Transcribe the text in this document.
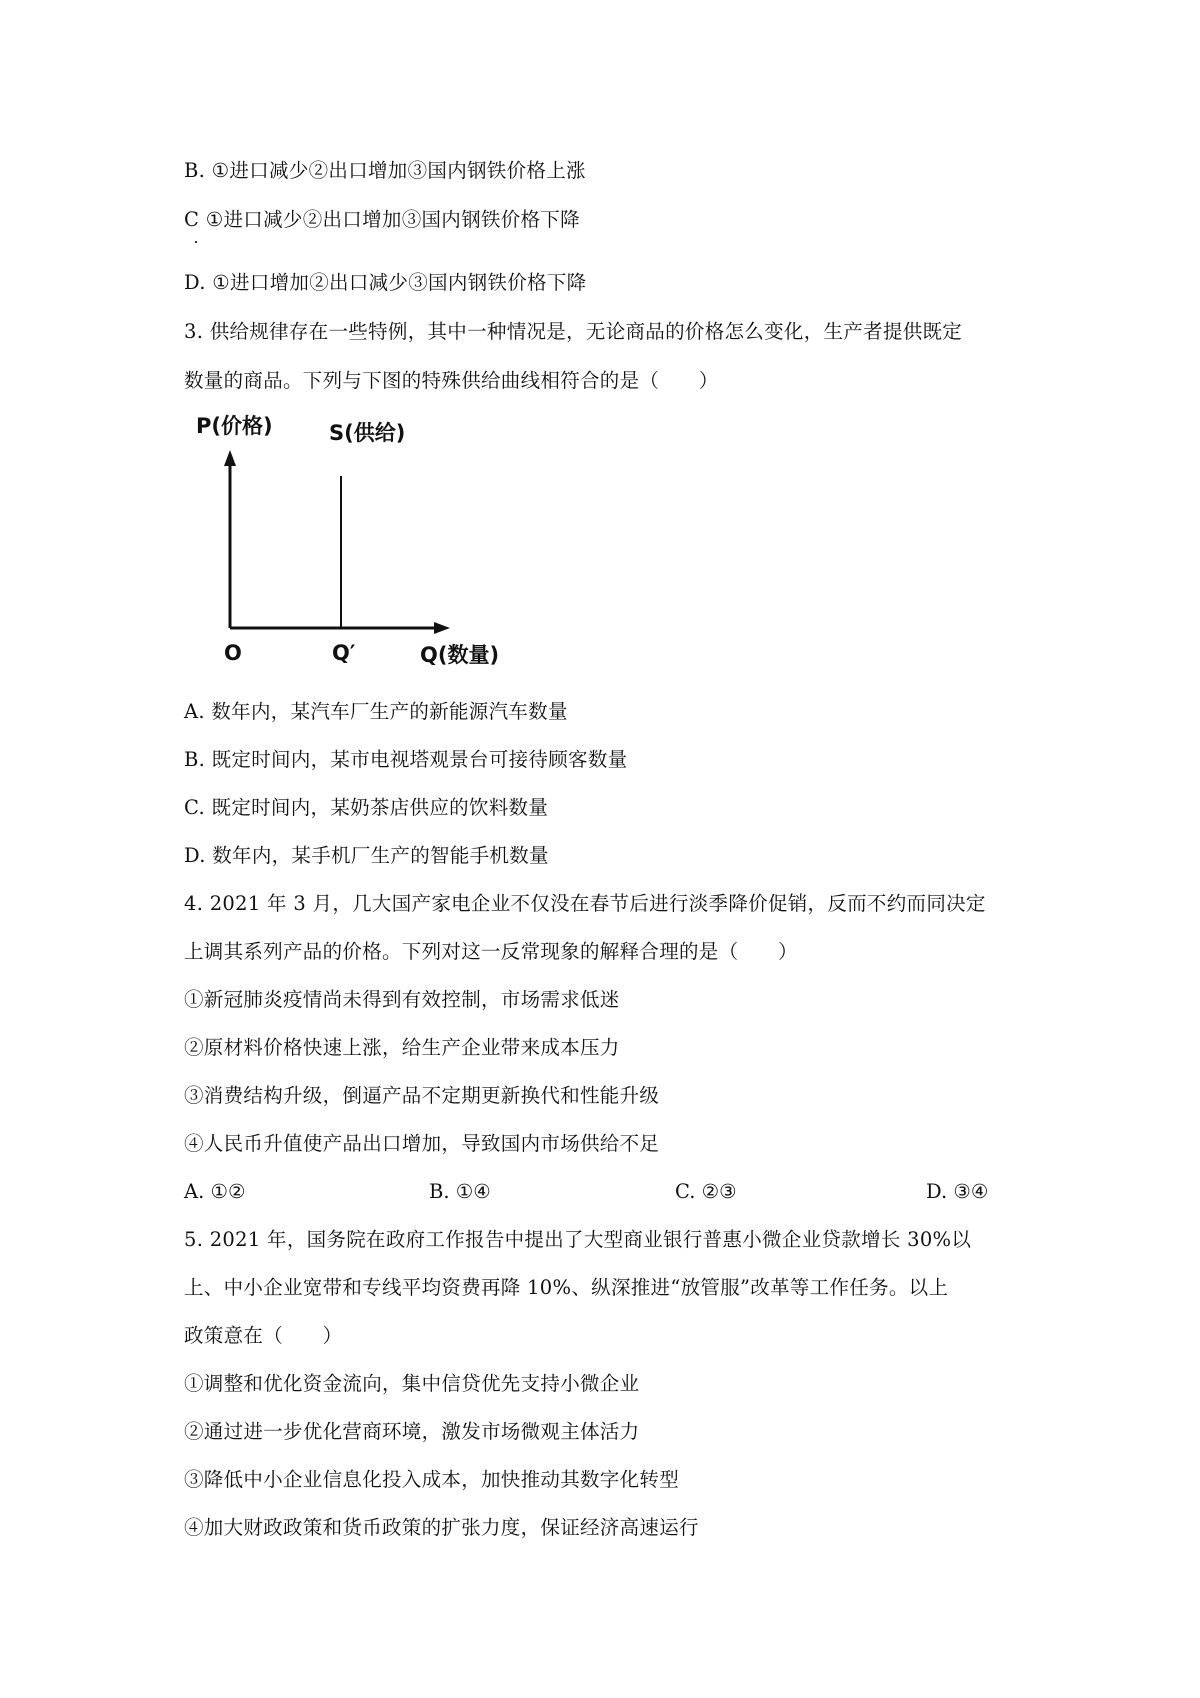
B. ①进口减少②出口增加③国内钢铁价格上涨
C ①进口减少②出口增加③国内钢铁价格下降
D. ①进口增加②出口减少③国内钢铁价格下降
3. 供给规律存在一些特例，其中一种情况是，无论商品的价格怎么变化，生产者提供既定
数量的商品。下列与下图的特殊供给曲线相符合的是（　　）
P(价格)	S(供给)
O	Q′	Q(数量)
A. 数年内，某汽车厂生产的新能源汽车数量
B. 既定时间内，某市电视塔观景台可接待顾客数量
C. 既定时间内，某奶茶店供应的饮料数量
D. 数年内，某手机厂生产的智能手机数量
4. 2021 年 3 月，几大国产家电企业不仅没在春节后进行淡季降价促销，反而不约而同决定
上调其系列产品的价格。下列对这一反常现象的解释合理的是（　　）
①新冠肺炎疫情尚未得到有效控制，市场需求低迷
②原材料价格快速上涨，给生产企业带来成本压力
③消费结构升级，倒逼产品不定期更新换代和性能升级
④人民币升值使产品出口增加，导致国内市场供给不足
A. ①②	B. ①④	C. ②③	D. ③④
5. 2021 年，国务院在政府工作报告中提出了大型商业银行普惠小微企业贷款增长 30%以
上、中小企业宽带和专线平均资费再降 10%、纵深推进“放管服”改革等工作任务。以上
政策意在（　　）
①调整和优化资金流向，集中信贷优先支持小微企业
②通过进一步优化营商环境，激发市场微观主体活力
③降低中小企业信息化投入成本，加快推动其数字化转型
④加大财政政策和货币政策的扩张力度，保证经济高速运行
